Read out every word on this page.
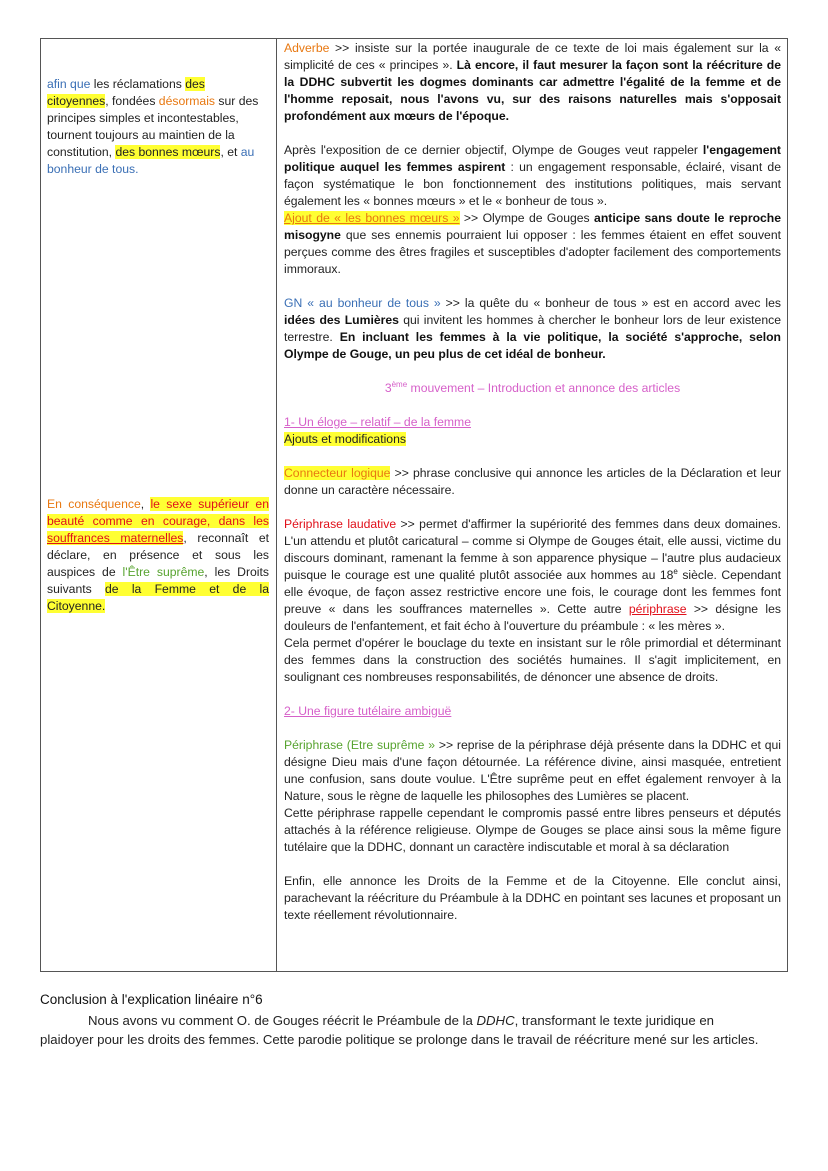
afin que les réclamations des citoyennes, fondées désormais sur des principes simples et incontestables, tournent toujours au maintien de la constitution, des bonnes mœurs, et au bonheur de tous.
En conséquence, le sexe supérieur en beauté comme en courage, dans les souffrances maternelles, reconnaît et déclare, en présence et sous les auspices de l'Être suprême, les Droits suivants de la Femme et de la Citoyenne.
Adverbe >> insiste sur la portée inaugurale de ce texte de loi mais également sur la « simplicité de ces « principes ». Là encore, il faut mesurer la façon sont la réécriture de la DDHC subvertit les dogmes dominants car admettre l'égalité de la femme et de l'homme reposait, nous l'avons vu, sur des raisons naturelles mais s'opposait profondément aux mœurs de l'époque.
Après l'exposition de ce dernier objectif, Olympe de Gouges veut rappeler l'engagement politique auquel les femmes aspirent : un engagement responsable, éclairé, visant de façon systématique le bon fonctionnement des institutions politiques, mais servant également les « bonnes mœurs » et le « bonheur de tous ».
Ajout de « les bonnes mœurs » >> Olympe de Gouges anticipe sans doute le reproche misogyne que ses ennemis pourraient lui opposer : les femmes étaient en effet souvent perçues comme des êtres fragiles et susceptibles d'adopter facilement des comportements immoraux.
GN « au bonheur de tous » >> la quête du « bonheur de tous » est en accord avec les idées des Lumières qui invitent les hommes à chercher le bonheur lors de leur existence terrestre. En incluant les femmes à la vie politique, la société s'approche, selon Olympe de Gouge, un peu plus de cet idéal de bonheur.
3ème mouvement – Introduction et annonce des articles
1- Un éloge – relatif – de la femme
Ajouts et modifications
Connecteur logique >> phrase conclusive qui annonce les articles de la Déclaration et leur donne un caractère nécessaire.
Périphrase laudative >> permet d'affirmer la supériorité des femmes dans deux domaines. L'un attendu et plutôt caricatural – comme si Olympe de Gouges était, elle aussi, victime du discours dominant, ramenant la femme à son apparence physique – l'autre plus audacieux puisque le courage est une qualité plutôt associée aux hommes au 18e siècle. Cependant elle évoque, de façon assez restrictive encore une fois, le courage dont les femmes font preuve « dans les souffrances maternelles ». Cette autre périphrase >> désigne les douleurs de l'enfantement, et fait écho à l'ouverture du préambule : « les mères ».
Cela permet d'opérer le bouclage du texte en insistant sur le rôle primordial et déterminant des femmes dans la construction des sociétés humaines. Il s'agit implicitement, en soulignant ces nombreuses responsabilités, de dénoncer une absence de droits.
2- Une figure tutélaire ambiguë
Périphrase (Etre suprême » >> reprise de la périphrase déjà présente dans la DDHC et qui désigne Dieu mais d'une façon détournée. La référence divine, ainsi masquée, entretient une confusion, sans doute voulue. L'Être suprême peut en effet également renvoyer à la Nature, sous le règne de laquelle les philosophes des Lumières se placent.
Cette périphrase rappelle cependant le compromis passé entre libres penseurs et députés attachés à la référence religieuse. Olympe de Gouges se place ainsi sous la même figure tutélaire que la DDHC, donnant un caractère indiscutable et moral à sa déclaration
Enfin, elle annonce les Droits de la Femme et de la Citoyenne. Elle conclut ainsi, parachevant la réécriture du Préambule à la DDHC en pointant ses lacunes et proposant un texte réellement révolutionnaire.
Conclusion à l'explication linéaire n°6
Nous avons vu comment O. de Gouges réécrit le Préambule de la DDHC, transformant le texte juridique en plaidoyer pour les droits des femmes. Cette parodie politique se prolonge dans le travail de réécriture mené sur les articles.
